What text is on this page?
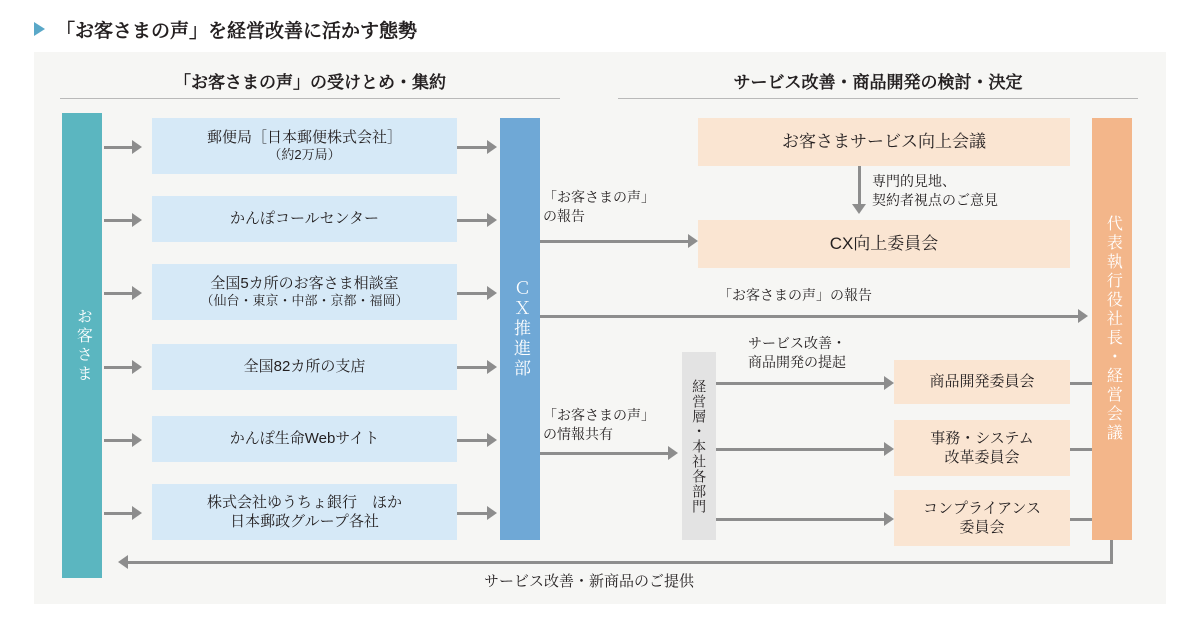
「お客さまの声」を経営改善に活かす態勢
「お客さまの声」の受けとめ・集約	サービス改善・商品開発の検討・決定
お客さま
郵便局［日本郵便株式会社］
（約2万局）
かんぽコールセンター
全国5カ所のお客さま相談室
（仙台・東京・中部・京都・福岡）
全国82カ所の支店
かんぽ生命Webサイト
株式会社ゆうちょ銀行　ほか
日本郵政グループ各社
ＣＸ推進部
「お客さまの声」
の報告
「お客さまの声」の報告
「お客さまの声」
の情報共有
お客さまサービス向上会議
専門的見地、
契約者視点のご意見
CX向上委員会
経営層・本社各部門
サービス改善・
商品開発の提起
商品開発委員会
事務・システム
改革委員会
コンプライアンス
委員会
代表執行役社長・経営会議
サービス改善・新商品のご提供
